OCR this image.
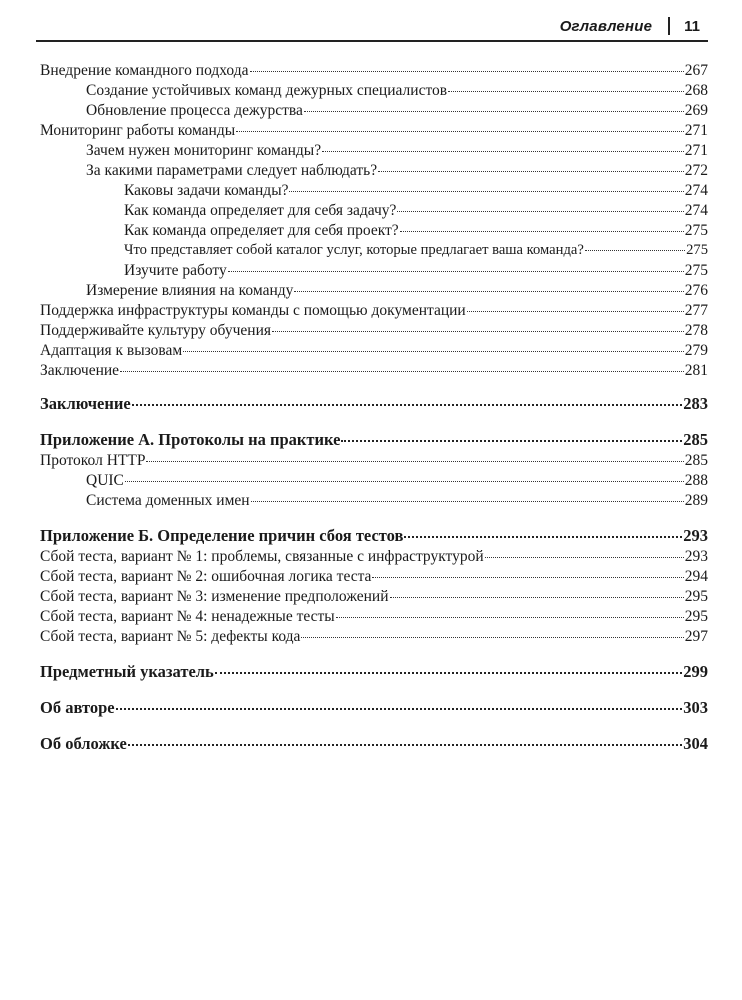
Оглавление 11
Внедрение командного подхода	267
Создание устойчивых команд дежурных специалистов	268
Обновление процесса дежурства	269
Мониторинг работы команды	271
Зачем нужен мониторинг команды?	271
За какими параметрами следует наблюдать?	272
Каковы задачи команды?	274
Как команда определяет для себя задачу?	274
Как команда определяет для себя проект?	275
Что представляет собой каталог услуг, которые предлагает ваша команда?	275
Изучите работу	275
Измерение влияния на команду	276
Поддержка инфраструктуры команды с помощью документации	277
Поддерживайте культуру обучения	278
Адаптация к вызовам	279
Заключение	281
Заключение	283
Приложение А. Протоколы на практике	285
Протокол HTTP	285
QUIC	288
Система доменных имен	289
Приложение Б. Определение причин сбоя тестов	293
Сбой теста, вариант № 1: проблемы, связанные с инфраструктурой	293
Сбой теста, вариант № 2: ошибочная логика теста	294
Сбой теста, вариант № 3: изменение предположений	295
Сбой теста, вариант № 4: ненадежные тесты	295
Сбой теста, вариант № 5: дефекты кода	297
Предметный указатель	299
Об авторе	303
Об обложке	304
